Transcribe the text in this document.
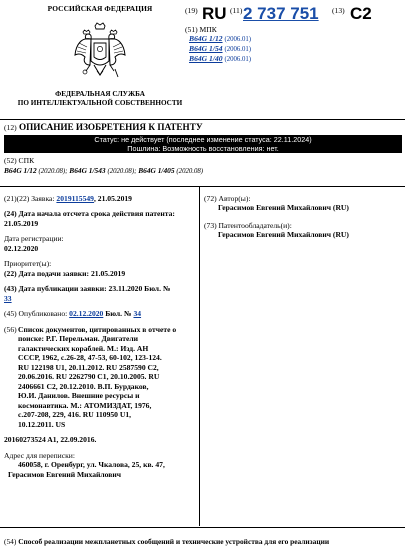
РОССИЙСКАЯ ФЕДЕРАЦИЯ
ФЕДЕРАЛЬНАЯ СЛУЖБА
ПО ИНТЕЛЛЕКТУАЛЬНОЙ СОБСТВЕННОСТИ
(19) RU (11) 2 737 751 (13) C2
(51) МПК
B64G 1/12 (2006.01)
B64G 1/54 (2006.01)
B64G 1/40 (2006.01)
(12) ОПИСАНИЕ ИЗОБРЕТЕНИЯ К ПАТЕНТУ
Статус: не действует (последнее изменение статуса: 22.11.2024)
Пошлина: Возможность восстановления: нет.
(52) СПК
B64G 1/12 (2020.08); B64G 1/543 (2020.08); B64G 1/405 (2020.08)
(21)(22) Заявка: 2019115549, 21.05.2019
(24) Дата начала отсчета срока действия патента:
21.05.2019
Дата регистрации:
02.12.2020
Приоритет(ы):
(22) Дата подачи заявки: 21.05.2019
(43) Дата публикации заявки: 23.11.2020 Бюл. №
33
(45) Опубликовано: 02.12.2020 Бюл. № 34
(56) Список документов, цитированных в отчете о
поиске: Р.Г. Перельман. Двигатели
галактических кораблей. М.: Изд. АН
СССР, 1962, с.26-28, 47-53, 60-102, 123-124.
RU 122198 U1, 20.11.2012. RU 2587590 C2,
20.06.2016. RU 2262790 C1, 20.10.2005. RU
2406661 C2, 20.12.2010. В.П. Бурдаков,
Ю.И. Данилов. Внешние ресурсы и
космонавтика. М.: АТОМИЗДАТ, 1976,
с.207-208, 229, 416. RU 110950 U1,
10.12.2011. US
20160273524 A1, 22.09.2016.
Адрес для переписки:
460058, г. Оренбург, ул. Чкалова, 25, кв. 47,
Герасимов Евгений Михайлович
(72) Автор(ы):
Герасимов Евгений Михайлович (RU)
(73) Патентообладатель(и):
Герасимов Евгений Михайлович (RU)
(54) Способ реализации межпланетных сообщений и технические устройства для его реализации
